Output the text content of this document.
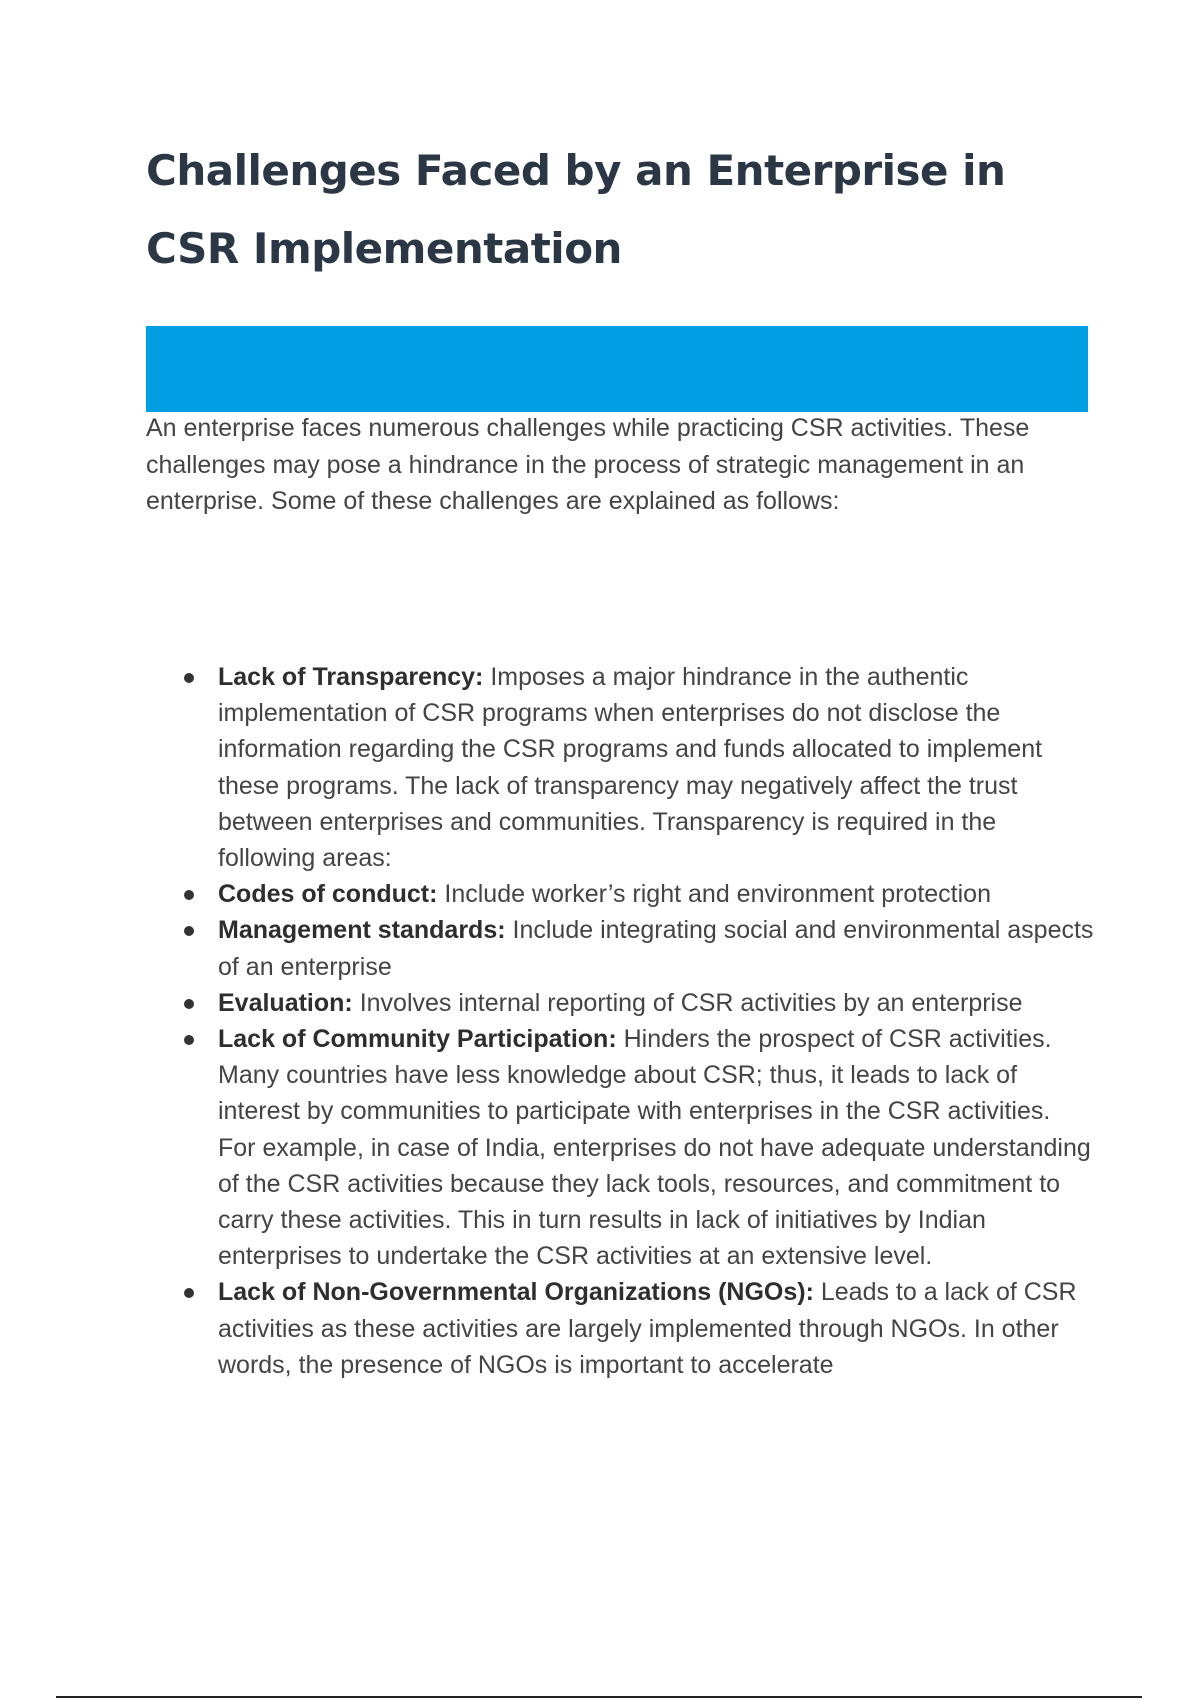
Challenges Faced by an Enterprise in CSR Implementation

An enterprise faces numerous challenges while practicing CSR activities. These challenges may pose a hindrance in the process of strategic management in an enterprise. Some of these challenges are explained as follows:

Lack of Transparency: Imposes a major hindrance in the authentic implementation of CSR programs when enterprises do not disclose the information regarding the CSR programs and funds allocated to implement these programs. The lack of transparency may negatively affect the trust between enterprises and communities. Transparency is required in the following areas:
Codes of conduct: Include worker’s right and environment protection
Management standards: Include integrating social and environmental aspects of an enterprise
Evaluation: Involves internal reporting of CSR activities by an enterprise
Lack of Community Participation: Hinders the prospect of CSR activities. Many countries have less knowledge about CSR; thus, it leads to lack of interest by communities to participate with enterprises in the CSR activities. For example, in case of India, enterprises do not have adequate understanding of the CSR activities because they lack tools, resources, and commitment to carry these activities. This in turn results in lack of initiatives by Indian enterprises to undertake the CSR activities at an extensive level.
Lack of Non-Governmental Organizations (NGOs): Leads to a lack of CSR activities as these activities are largely implemented through NGOs. In other words, the presence of NGOs is important to accelerate
